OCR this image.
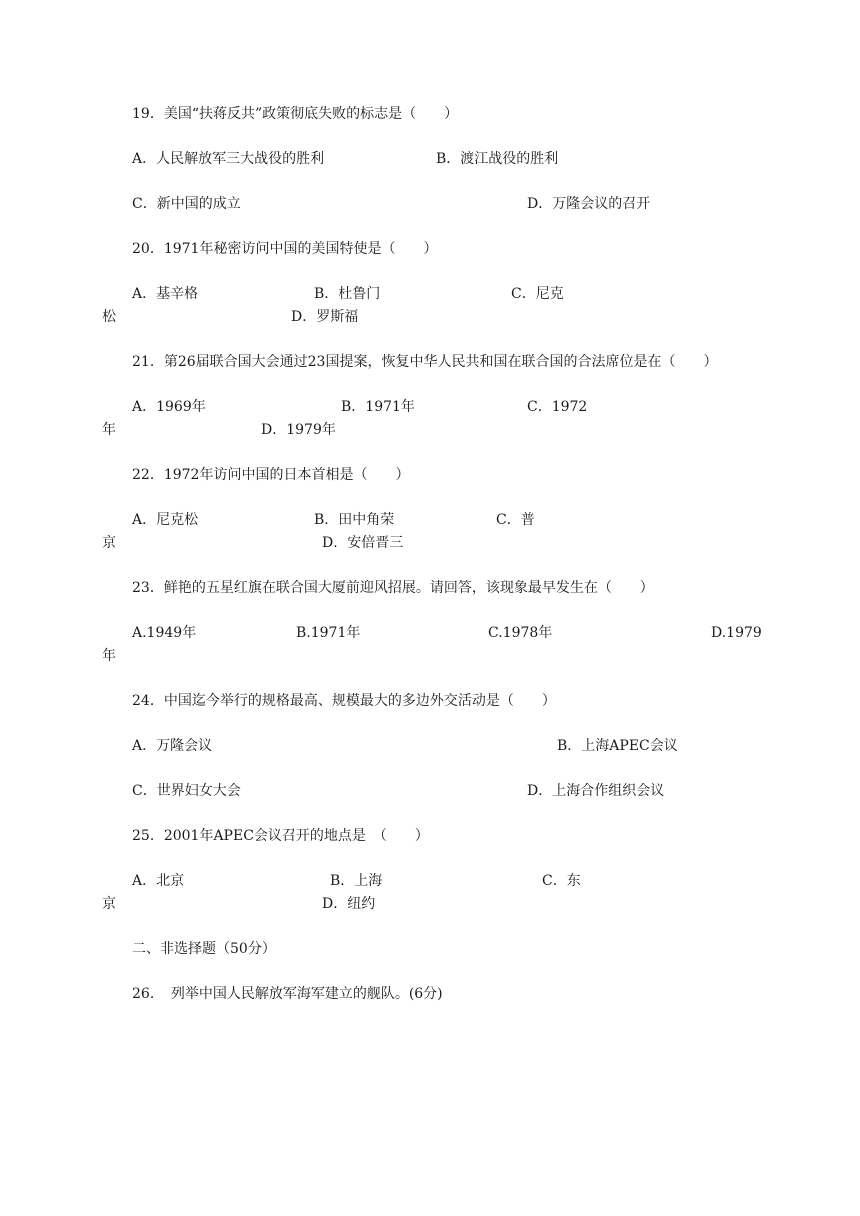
19．美国“扶蒋反共”政策彻底失败的标志是（　　）
A．人民解放军三大战役的胜利	B．渡江战役的胜利
C．新中国的成立	D．万隆会议的召开
20．1971年秘密访问中国的美国特使是（　　）
A．基辛格	B．杜鲁门	C．尼克
松	D．罗斯福
21．第26届联合国大会通过23国提案，恢复中华人民共和国在联合国的合法席位是在（　　）
A．1969年	B．1971年	C．1972
年	D．1979年
22．1972年访问中国的日本首相是（　　）
A．尼克松	B．田中角荣	C．普
京	D．安倍晋三
23．鲜艳的五星红旗在联合国大厦前迎风招展。请回答，该现象最早发生在（　　）
A.1949年	B.1971年	C.1978年	D.1979
年
24．中国迄今举行的规格最高、规模最大的多边外交活动是（　　）
A．万隆会议	B．上海APEC会议
C．世界妇女大会	D．上海合作组织会议
25．2001年APEC会议召开的地点是　（　　）
A．北京	B．上海	C．东
京	D．纽约
二、非选择题（50分）
26．　列举中国人民解放军海军建立的舰队。(6分)
